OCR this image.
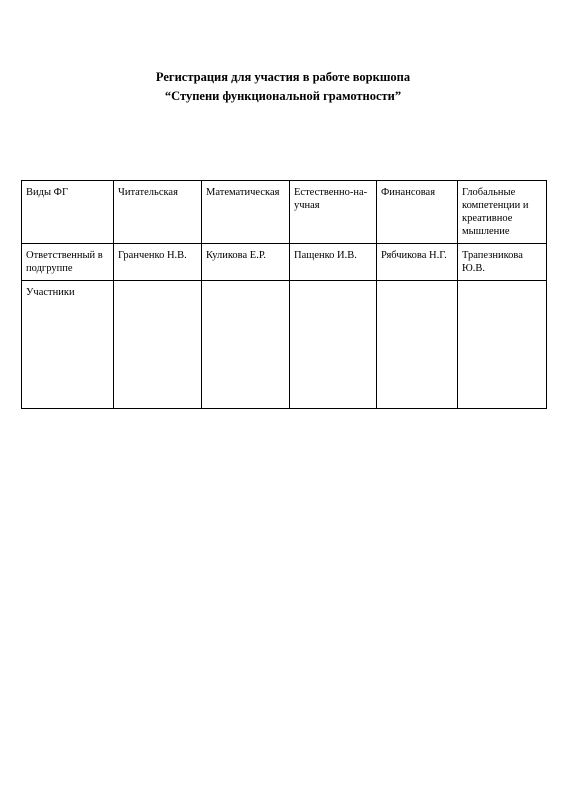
Регистрация для участия в работе воркшопа
“Ступени функциональной грамотности”
Виды ФГ	Читательская	Математическая	Естественно-научная	Финансовая	Глобальные компетенции и креативное мышление
Ответственный в подгруппе	Гранченко Н.В.	Куликова Е.Р.	Пащенко И.В.	Рябчикова Н.Г.	Трапезникова Ю.В.
Участники					
